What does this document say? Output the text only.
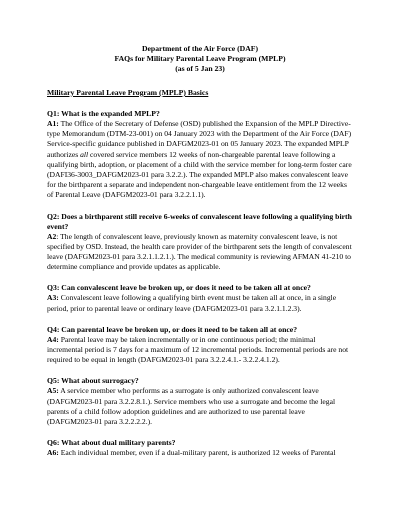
Department of the Air Force (DAF)
FAQs for Military Parental Leave Program (MPLP)
(as of 5 Jan 23)
Military Parental Leave Program (MPLP) Basics
Q1: What is the expanded MPLP?
A1: The Office of the Secretary of Defense (OSD) published the Expansion of the MPLP Directive-type Memorandum (DTM-23-001) on 04 January 2023 with the Department of the Air Force (DAF) Service-specific guidance published in DAFGM2023-01 on 05 January 2023. The expanded MPLP authorizes all covered service members 12 weeks of non-chargeable parental leave following a qualifying birth, adoption, or placement of a child with the service member for long-term foster care (DAFI36-3003_DAFGM2023-01 para 3.2.2.). The expanded MPLP also makes convalescent leave for the birthparent a separate and independent non-chargeable leave entitlement from the 12 weeks of Parental Leave (DAFGM2023-01 para 3.2.2.1.1).
Q2: Does a birthparent still receive 6-weeks of convalescent leave following a qualifying birth event?
A2: The length of convalescent leave, previously known as maternity convalescent leave, is not specified by OSD. Instead, the health care provider of the birthparent sets the length of convalescent leave (DAFGM2023-01 para 3.2.1.1.2.1.). The medical community is reviewing AFMAN 41-210 to determine compliance and provide updates as applicable.
Q3: Can convalescent leave be broken up, or does it need to be taken all at once?
A3: Convalescent leave following a qualifying birth event must be taken all at once, in a single period, prior to parental leave or ordinary leave (DAFGM2023-01 para 3.2.1.1.2.3).
Q4: Can parental leave be broken up, or does it need to be taken all at once?
A4: Parental leave may be taken incrementally or in one continuous period; the minimal incremental period is 7 days for a maximum of 12 incremental periods. Incremental periods are not required to be equal in length (DAFGM2023-01 para 3.2.2.4.1.- 3.2.2.4.1.2).
Q5: What about surrogacy?
A5: A service member who performs as a surrogate is only authorized convalescent leave (DAFGM2023-01 para 3.2.2.8.1.). Service members who use a surrogate and become the legal parents of a child follow adoption guidelines and are authorized to use parental leave (DAFGM2023-01 para 3.2.2.2.2.).
Q6: What about dual military parents?
A6: Each individual member, even if a dual-military parent, is authorized 12 weeks of Parental
